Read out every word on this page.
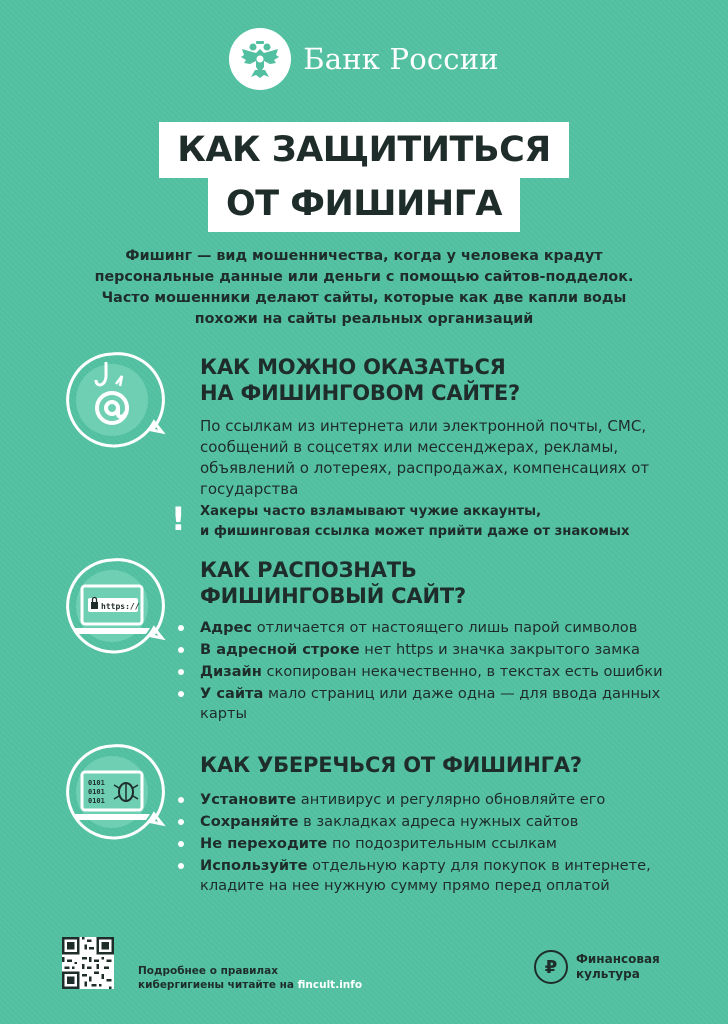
Банк России
КАК ЗАЩИТИТЬСЯ
ОТ ФИШИНГА
Фишинг — вид мошенничества, когда у человека крадут персональные данные или деньги с помощью сайтов-подделок. Часто мошенники делают сайты, которые как две капли воды похожи на сайты реальных организаций
КАК МОЖНО ОКАЗАТЬСЯ
НА ФИШИНГОВОМ САЙТЕ?
По ссылкам из интернета или электронной почты, СМС, сообщений в соцсетях или мессенджерах, рекламы, объявлений о лотереях, распродажах, компенсациях от государства
! Хакеры часто взламывают чужие аккаунты,
и фишинговая ссылка может прийти даже от знакомых
https://
КАК РАСПОЗНАТЬ
ФИШИНГОВЫЙ САЙТ?
Адрес отличается от настоящего лишь парой символов
В адресной строке нет https и значка закрытого замка
Дизайн скопирован некачественно, в текстах есть ошибки
У сайта мало страниц или даже одна — для ввода данных карты
0101
0101
0101
КАК УБЕРЕЧЬСЯ ОТ ФИШИНГА?
Установите антивирус и регулярно обновляйте его
Сохраняйте в закладках адреса нужных сайтов
Не переходите по подозрительным ссылкам
Используйте отдельную карту для покупок в интернете, кладите на нее нужную сумму прямо перед оплатой
Подробнее о правилах
кибергигиены читайте на fincult.info
₽	Финансовая
культура
